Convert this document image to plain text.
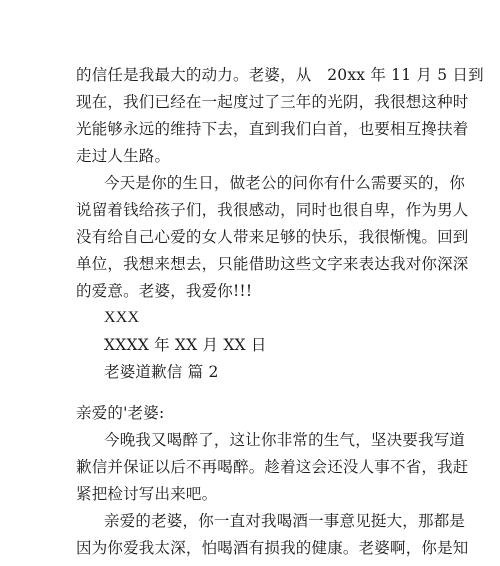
的信任是我最大的动力。老婆，从　20xx 年 11 月 5 日到
现在，我们已经在一起度过了三年的光阴，我很想这种时
光能够永远的维持下去，直到我们白首，也要相互搀扶着
走过人生路。
今天是你的生日，做老公的问你有什么需要买的，你
说留着钱给孩子们，我很感动，同时也很自卑，作为男人
没有给自己心爱的女人带来足够的快乐，我很惭愧。回到
单位，我想来想去，只能借助这些文字来表达我对你深深
的爱意。老婆，我爱你!!!
XXX
XXXX 年 XX 月 XX 日
老婆道歉信 篇 2
亲爱的'老婆:
今晚我又喝醉了，这让你非常的生气，坚决要我写道
歉信并保证以后不再喝醉。趁着这会还没人事不省，我赶
紧把检讨写出来吧。
亲爱的老婆，你一直对我喝酒一事意见挺大，那都是
因为你爱我太深，怕喝酒有损我的健康。老婆啊，你是知
